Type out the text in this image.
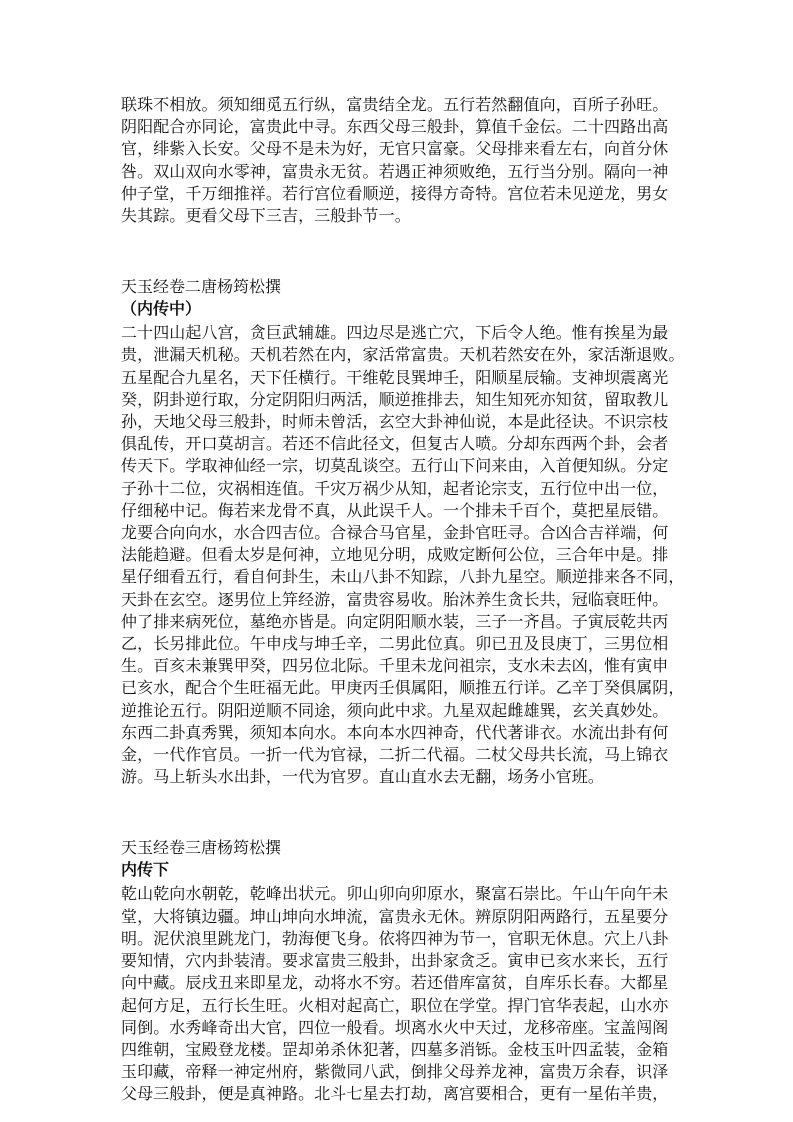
联珠不相放。须知细觅五行纵，富贵结全龙。五行若然翻值向，百所子孙旺。
阴阳配合亦同论，富贵此中寻。东西父母三般卦，算值千金伝。二十四路出高
官，绯紫入长安。父母不是未为好，无官只富豪。父母排来看左右，向首分休
咎。双山双向水零神，富贵永无贫。若遇正神须败绝，五行当分别。隔向一神
仲子堂，千万细推祥。若行宫位看顺逆，接得方奇特。宫位若未见逆龙，男女
失其踪。更看父母下三吉，三般卦节一。

天玉经卷二唐杨筠松撰

（内传中）

二十四山起八宫，贪巨武辅雄。四边尽是逃亡穴，下后令人绝。惟有挨星为最
贵，泄漏天机秘。天机若然在内，家活常富贵。天机若然安在外，家活渐退败。
五星配合九星名，天下任横行。干维乾艮巽坤壬，阳顺星辰输。支神坝震离光
癸，阴卦逆行取，分定阴阳归两活，顺逆推排去，知生知死亦知贫，留取教儿
孙，天地父母三般卦，时师未曾活，玄空大卦神仙说，本是此径诀。不识宗枝
俱乱传，开口莫胡言。若还不信此径文，但复古人喷。分却东西两个卦，会者
传天下。学取神仙经一宗，切莫乱谈空。五行山下问来由，入首便知纵。分定
子孙十二位，灾祸相连值。千灾万祸少从知，起者论宗支，五行位中出一位，
仔细秘中记。侮若来龙骨不真，从此误千人。一个排未千百个，莫把星辰错。
龙要合向向水，水合四吉位。合禄合马官星，金卦官旺寻。合凶合吉祥端，何
法能趋避。但看太岁是何神，立地见分明，成败定断何公位，三合年中是。排
星仔细看五行，看自何卦生，未山八卦不知踪，八卦九星空。顺逆排来各不同，
天卦在玄空。逐男位上笄经游，富贵容易收。胎沐养生贪长共，冠临衰旺仲。
仲了排来病死位，墓绝亦皆是。向定阴阳顺水装，三子一齐昌。子寅辰乾共丙
乙，长另排此位。午申戌与坤壬辛，二男此位真。卯已丑及艮庚丁，三男位相
生。百亥未兼巽甲癸，四另位北际。千里未龙问祖宗，支水未去凶，惟有寅申
已亥水，配合个生旺福无此。甲庚丙壬俱属阳，顺推五行详。乙辛丁癸俱属阴，
逆推论五行。阴阳逆顺不同途，须向此中求。九星双起雌雄巽，玄关真妙处。
东西二卦真秀巽，须知本向水。本向本水四神奇，代代著诽衣。水流出卦有何
金，一代作官员。一折一代为官禄，二折二代福。二杖父母共长流，马上锦衣
游。马上斩头水出卦，一代为官罗。直山直水去无翻，场务小官班。

天玉经卷三唐杨筠松撰

内传下

乾山乾向水朝乾，乾峰出状元。卯山卯向卯原水，聚富石崇比。午山午向午未
堂，大将镇边疆。坤山坤向水坤流，富贵永无休。辨原阴阳两路行，五星要分
明。泥伏浪里跳龙门，勃海便飞身。依将四神为节一，官职无休息。穴上八卦
要知情，穴内卦装清。要求富贵三般卦，出卦家贪乏。寅申已亥水来长，五行
向中藏。辰戌丑来即星龙，动将水不穷。若还借库富贫，自库乐长春。大都星
起何方足，五行长生旺。火相对起高亡，职位在学堂。捍门官华表起，山水亦
同倒。水秀峰奇出大官，四位一般看。坝离水火中天过，龙移帝座。宝盖闯阁
四维朝，宝殿登龙楼。罡却弟杀休犯著，四墓多消铄。金枝玉叶四孟装，金箱
玉印藏，帝释一神定州府，紫微同八武，倒排父母养龙神，富贵万余春，识泽
父母三般卦，便是真神路。北斗七星去打劫，离宫要相合，更有一星佑羊贵，
